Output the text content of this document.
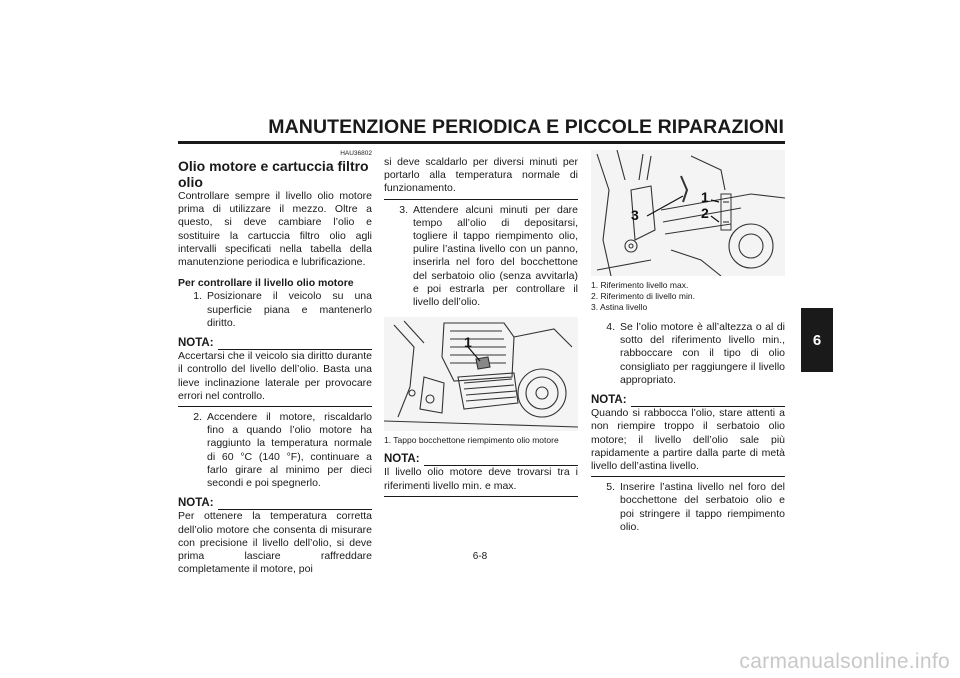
MANUTENZIONE PERIODICA E PICCOLE RIPARAZIONI
6

HAU36802

Olio motore e cartuccia filtro olio

Controllare sempre il livello olio motore prima di utilizzare il mezzo. Oltre a questo, si deve cambiare l’olio e sostituire la cartuccia filtro olio agli intervalli specificati nella tabella della manutenzione periodica e lubrificazione.

Per controllare il livello olio motore

1. Posizionare il veicolo su una superficie piana e mantenerlo diritto.
NOTA:

Accertarsi che il veicolo sia diritto durante il controllo del livello dell’olio. Basta una lieve inclinazione laterale per provocare errori nel controllo.

2. Accendere il motore, riscaldarlo fino a quando l’olio motore ha raggiunto la temperatura normale di 60 °C (140 °F), continuare a farlo girare al minimo per dieci secondi e poi spegnerlo.
NOTA:

Per ottenere la temperatura corretta dell’olio motore che consenta di misurare con precisione il livello dell’olio, si deve prima lasciare raffreddare completamente il motore, poi

si deve scaldarlo per diversi minuti per portarlo alla temperatura normale di funzionamento.

3. Attendere alcuni minuti per dare tempo all’olio di depositarsi, togliere il tappo riempimento olio, pulire l’astina livello con un panno, inserirla nel foro del bocchettone del serbatoio olio (senza avvitarla) e poi estrarla per controllare il livello dell’olio.
1

1. Tappo bocchettone riempimento olio motore

NOTA:

Il livello olio motore deve trovarsi tra i riferimenti livello min. e max.

1
2
3

1. Riferimento livello max.

2. Riferimento di livello min.

3. Astina livello

4. Se l’olio motore è all’altezza o al di sotto del riferimento livello min., rabboccare con il tipo di olio consigliato per raggiungere il livello appropriato.
NOTA:

Quando si rabbocca l’olio, stare attenti a non riempire troppo il serbatoio olio motore; il livello dell’olio sale più rapidamente a partire dalla parte di metà livello dell’astina livello.

5. Inserire l’astina livello nel foro del bocchettone del serbatoio olio e poi stringere il tappo riempimento olio.
6-8
carmanualsonline.info
